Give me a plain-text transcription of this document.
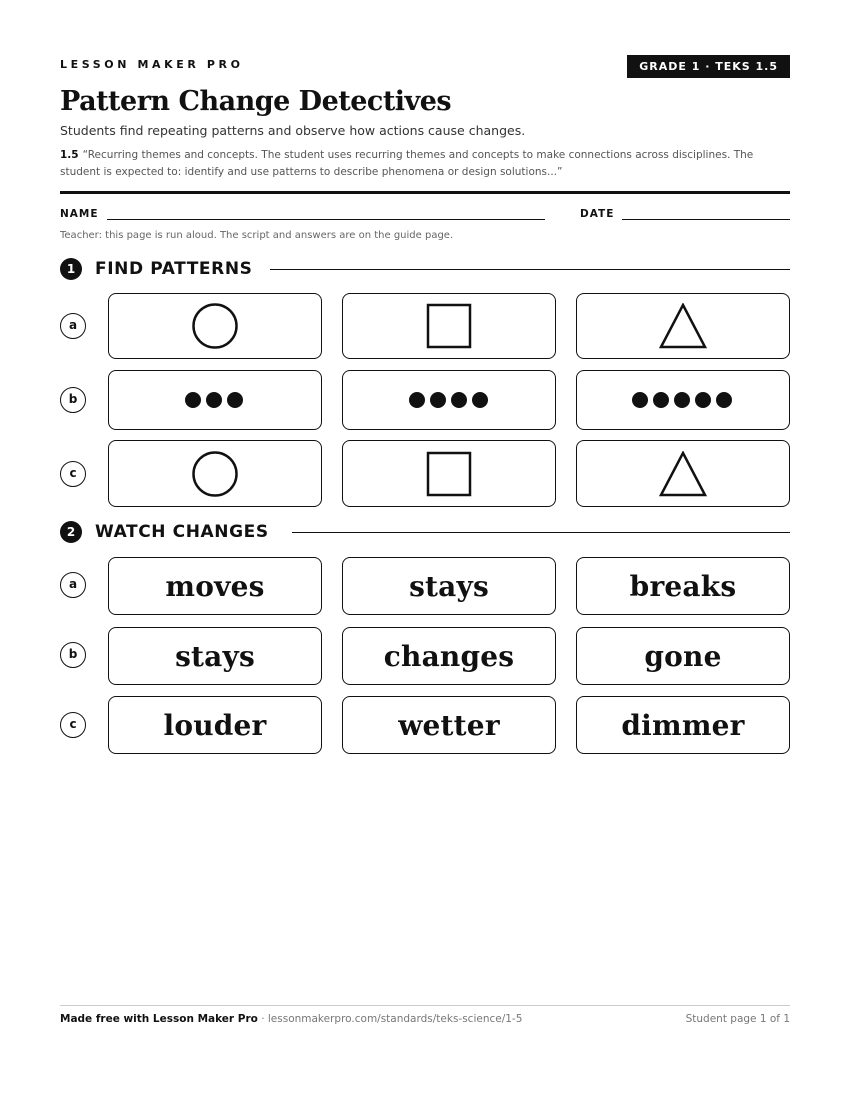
LESSON MAKER PRO	GRADE 1 · TEKS 1.5
Pattern Change Detectives
Students find repeating patterns and observe how actions cause changes.
1.5 “Recurring themes and concepts. The student uses recurring themes and concepts to make connections across disciplines. The student is expected to: identify and use patterns to describe phenomena or design solutions...”
NAME	DATE
Teacher: this page is run aloud. The script and answers are on the guide page.
1	FIND PATTERNS
a
b
c
2	WATCH CHANGES
a
b
c
moves	stays	breaks
stays	changes	gone
louder	wetter	dimmer
Made free with Lesson Maker Pro · lessonmakerpro.com/standards/teks-science/1-5	Student page 1 of 1
